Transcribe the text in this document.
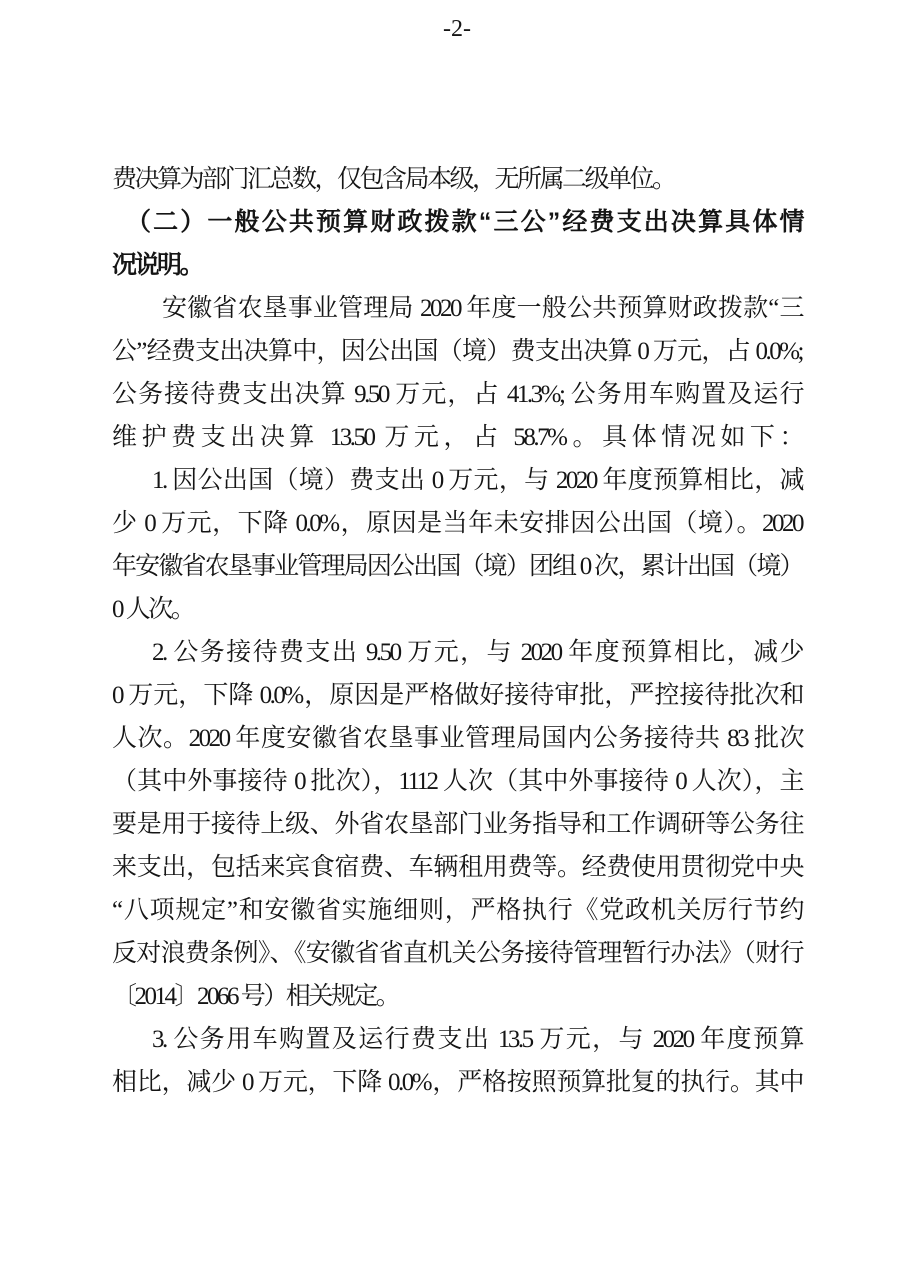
费决算为部门汇总数，仅包含局本级，无所属二级单位。
（二）一般公共预算财政拨款“三公”经费支出决算具体情
况说明。
安徽省农垦事业管理局 2020 年度一般公共预算财政拨款“三
公”经费支出决算中，因公出国（境）费支出决算 0 万元，占 0.0%;
公务接待费支出决算 9.50 万元，占 41.3%; 公务用车购置及运行
维护费支出决算 13.50 万元，占 58.7%。具体情况如下：
1. 因公出国（境）费支出 0 万元，与 2020 年度预算相比，减
少 0 万元，下降 0.0%，原因是当年未安排因公出国（境）。2020
年安徽省农垦事业管理局因公出国（境）团组 0 次，累计出国（境）
0 人次。
2. 公务接待费支出 9.50 万元，与 2020 年度预算相比，减少
0 万元，下降 0.0%，原因是严格做好接待审批，严控接待批次和
人次。2020 年度安徽省农垦事业管理局国内公务接待共 83 批次
（其中外事接待 0 批次），1112 人次（其中外事接待 0 人次），主
要是用于接待上级、外省农垦部门业务指导和工作调研等公务往
来支出，包括来宾食宿费、车辆租用费等。经费使用贯彻党中央
“八项规定”和安徽省实施细则，严格执行《党政机关厉行节约
反对浪费条例》、《安徽省省直机关公务接待管理暂行办法》（财行
〔2014〕2066 号）相关规定。
3. 公务用车购置及运行费支出 13.5 万元，与 2020 年度预算
相比，减少 0 万元，下降 0.0%，严格按照预算批复的执行。其中
-2-
